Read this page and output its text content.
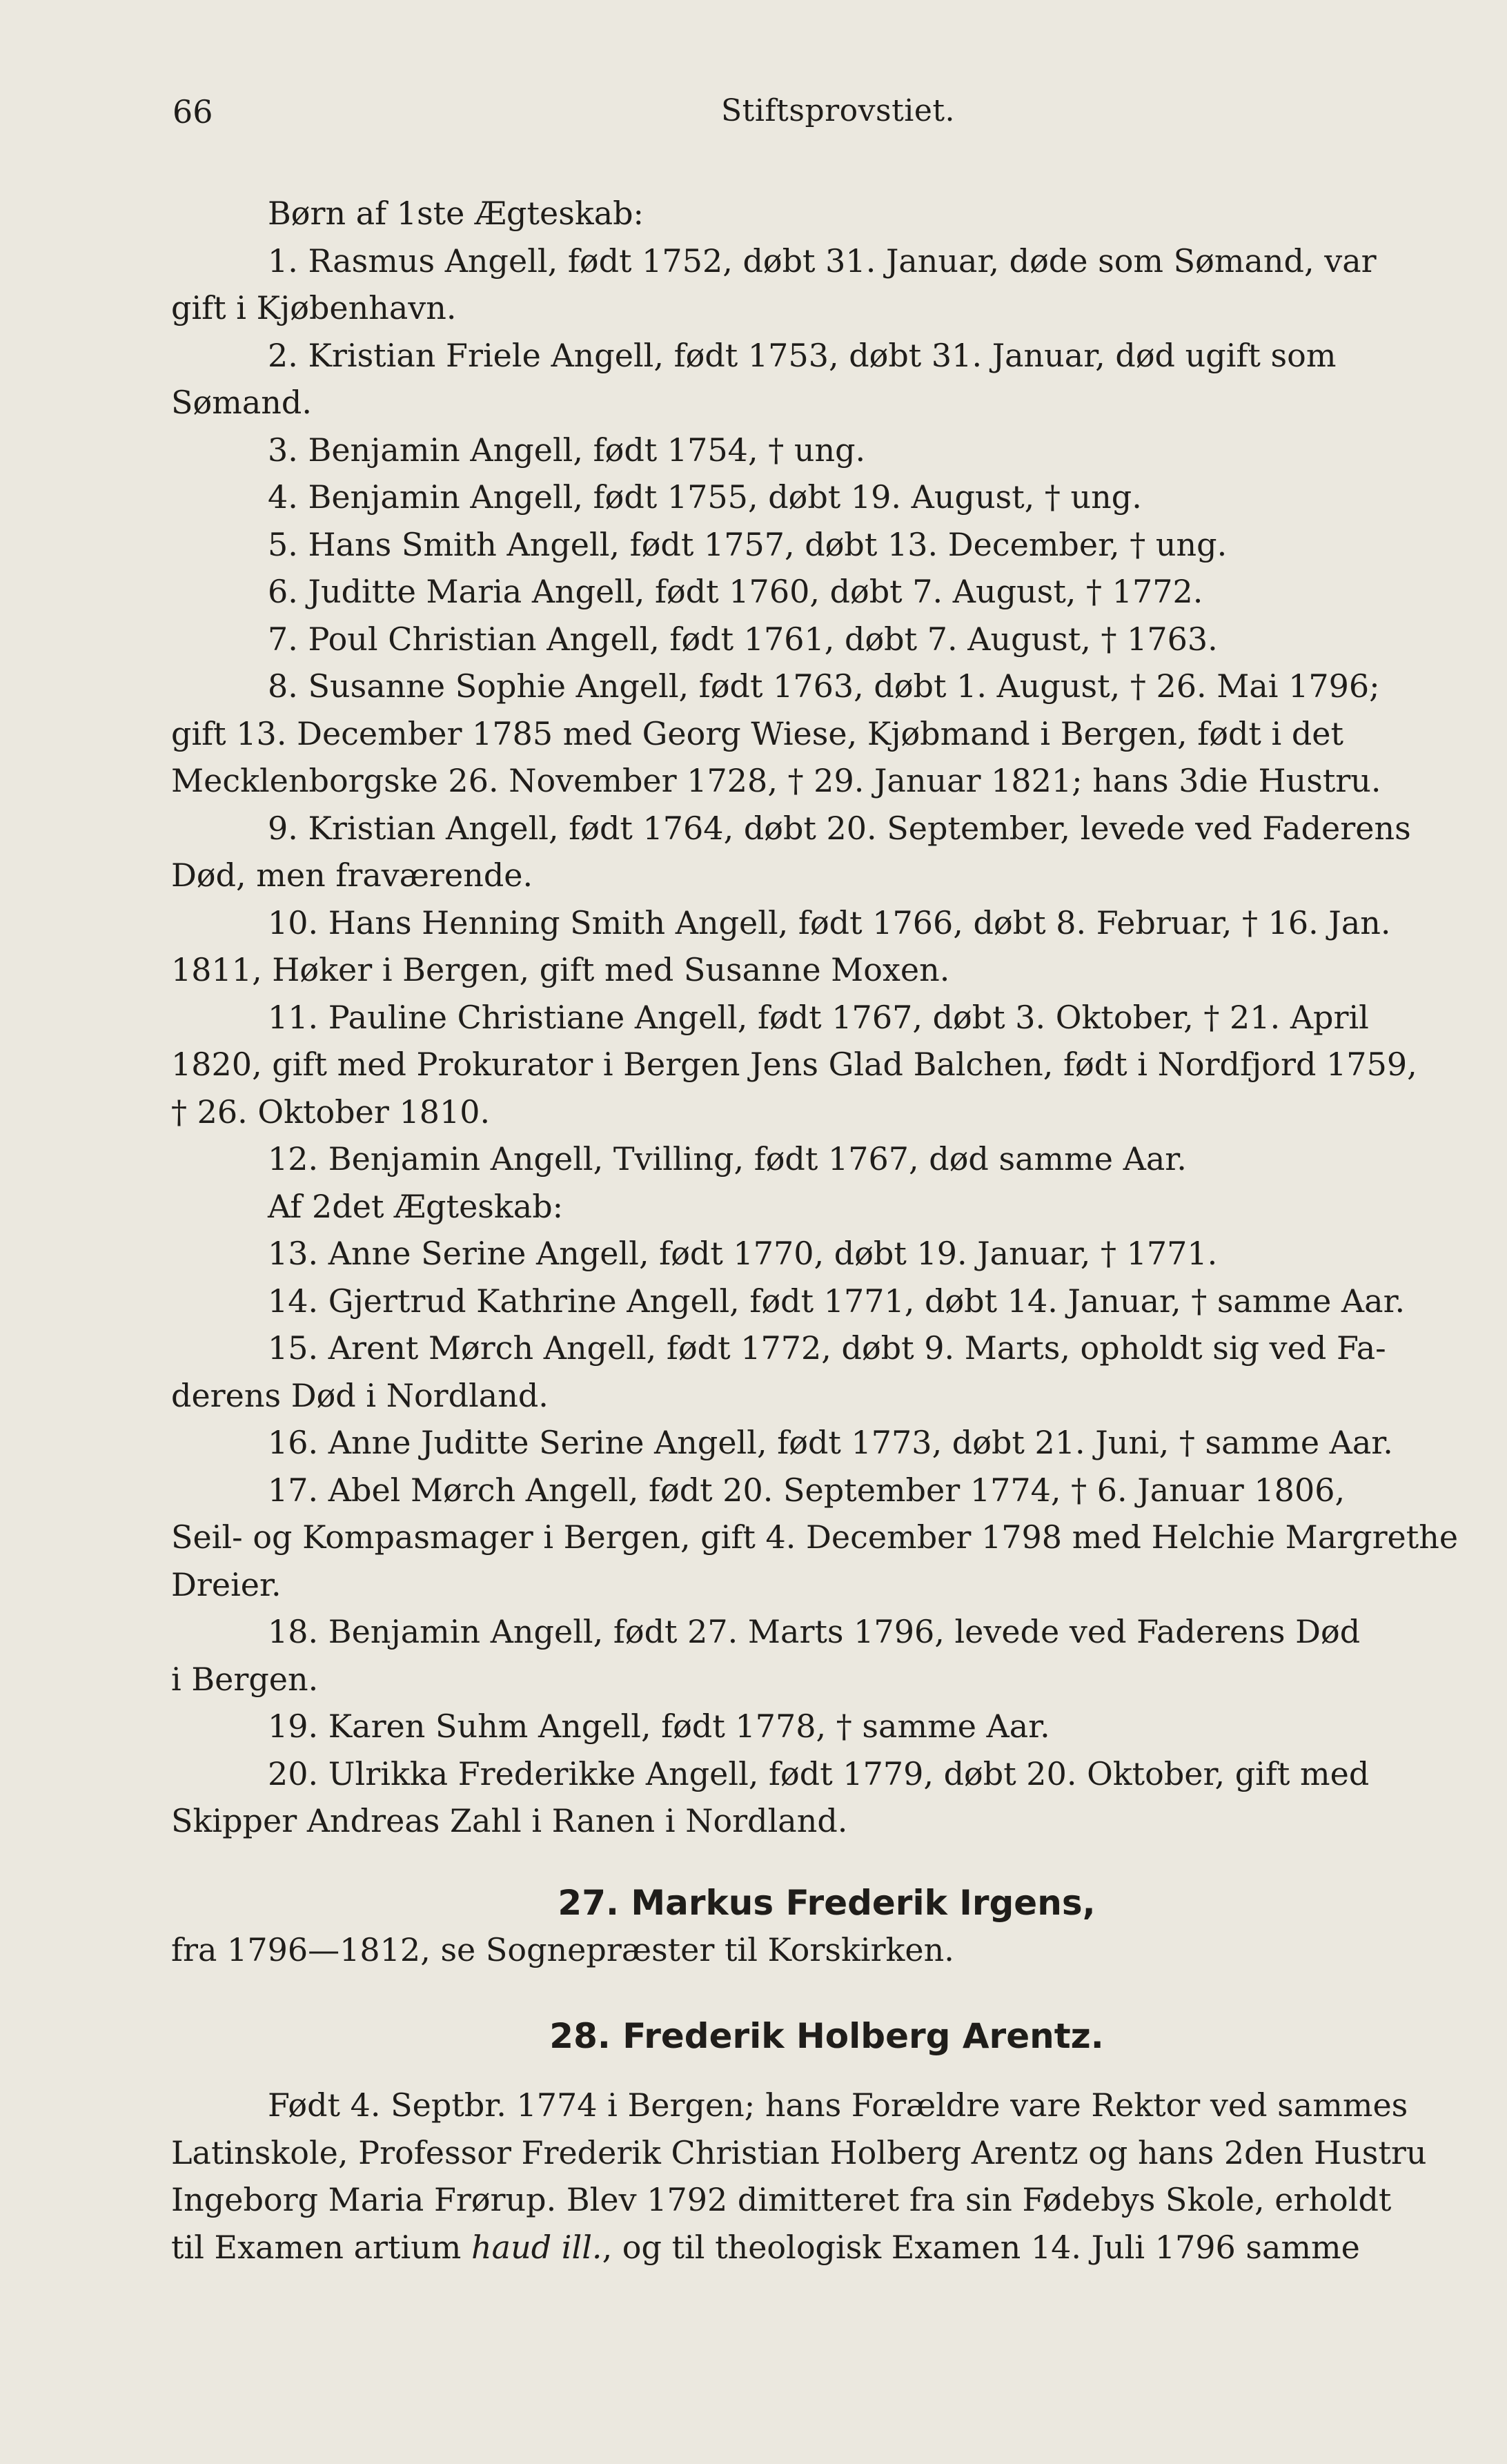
66	Stiftsprovstiet.
Børn af 1ste Ægteskab:
1. Rasmus Angell, født 1752, døbt 31. Januar, døde som Sømand, var
gift i Kjøbenhavn.
2. Kristian Friele Angell, født 1753, døbt 31. Januar, død ugift som
Sømand.
3. Benjamin Angell, født 1754, † ung.
4. Benjamin Angell, født 1755, døbt 19. August, † ung.
5. Hans Smith Angell, født 1757, døbt 13. December, † ung.
6. Juditte Maria Angell, født 1760, døbt 7. August, † 1772.
7. Poul Christian Angell, født 1761, døbt 7. August, † 1763.
8. Susanne Sophie Angell, født 1763, døbt 1. August, † 26. Mai 1796;
gift 13. December 1785 med Georg Wiese, Kjøbmand i Bergen, født i det
Mecklenborgske 26. November 1728, † 29. Januar 1821; hans 3die Hustru.
9. Kristian Angell, født 1764, døbt 20. September, levede ved Faderens
Død, men fraværende.
10. Hans Henning Smith Angell, født 1766, døbt 8. Februar, † 16. Jan.
1811, Høker i Bergen, gift med Susanne Moxen.
11. Pauline Christiane Angell, født 1767, døbt 3. Oktober, † 21. April
1820, gift med Prokurator i Bergen Jens Glad Balchen, født i Nordfjord 1759,
† 26. Oktober 1810.
12. Benjamin Angell, Tvilling, født 1767, død samme Aar.
Af 2det Ægteskab:
13. Anne Serine Angell, født 1770, døbt 19. Januar, † 1771.
14. Gjertrud Kathrine Angell, født 1771, døbt 14. Januar, † samme Aar.
15. Arent Mørch Angell, født 1772, døbt 9. Marts, opholdt sig ved Fa-
derens Død i Nordland.
16. Anne Juditte Serine Angell, født 1773, døbt 21. Juni, † samme Aar.
17. Abel Mørch Angell, født 20. September 1774, † 6. Januar 1806,
Seil- og Kompasmager i Bergen, gift 4. December 1798 med Helchie Margrethe
Dreier.
18. Benjamin Angell, født 27. Marts 1796, levede ved Faderens Død
i Bergen.
19. Karen Suhm Angell, født 1778, † samme Aar.
20. Ulrikka Frederikke Angell, født 1779, døbt 20. Oktober, gift med
Skipper Andreas Zahl i Ranen i Nordland.
27. Markus Frederik Irgens,
fra 1796—1812, se Sognepræster til Korskirken.
28. Frederik Holberg Arentz.
Født 4. Septbr. 1774 i Bergen; hans Forældre vare Rektor ved sammes
Latinskole, Professor Frederik Christian Holberg Arentz og hans 2den Hustru
Ingeborg Maria Frørup. Blev 1792 dimitteret fra sin Fødebys Skole, erholdt
til Examen artium haud ill., og til theologisk Examen 14. Juli 1796 samme
